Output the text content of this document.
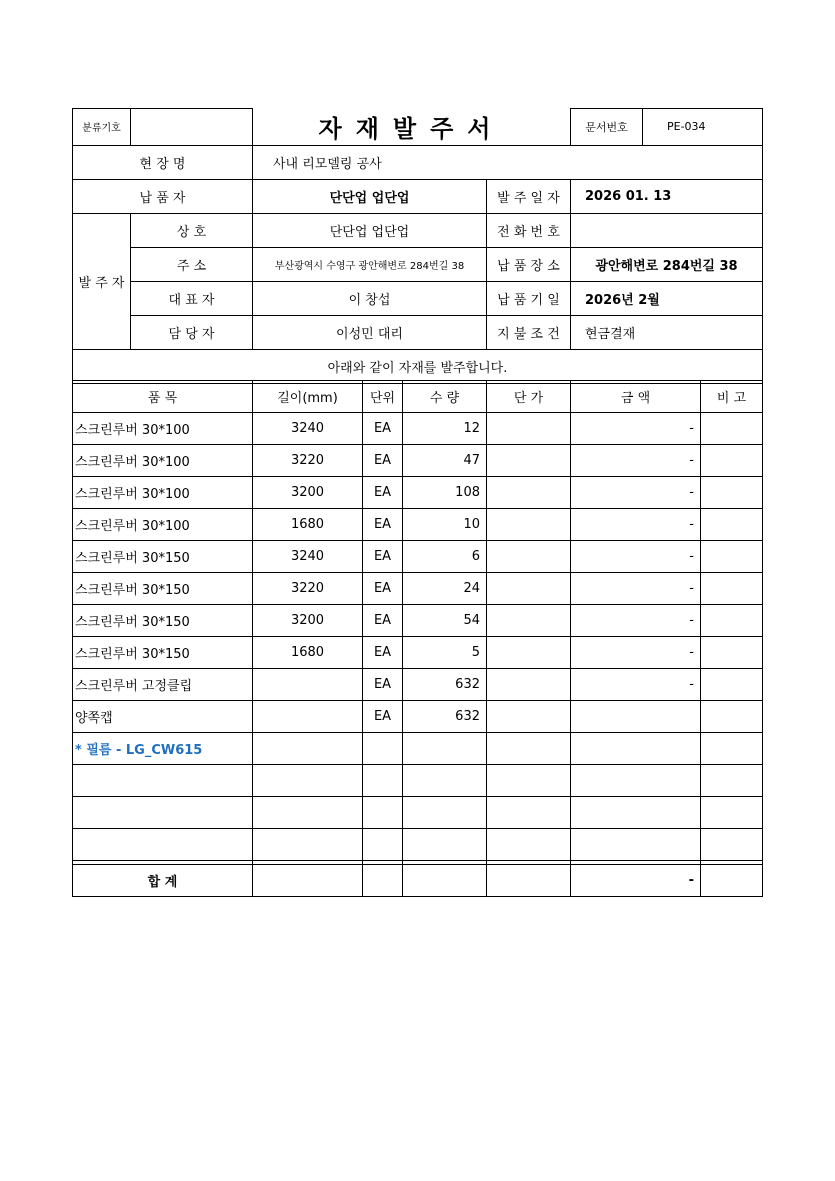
분류기호		자재발주서		문서번호	PE-034
현 장 명		사내 리모델링 공사			
납 품 자		단단업 업단업	발 주 일 자	2026 01. 13	
발 주 자	상 호	단단업 업단업	전 화 번 호		
	주 소	부산광역시 수영구 광안해변로 284번길 38	납 품 장 소	광안해변로 284번길 38	
	대 표 자	이 창섭	납 품 기 일	2026년 2월	
	담 당 자	이성민 대리	지 불 조 건	현금결재	
아래와 같이 자재를 발주합니다.					
품 목	길이(mm)	단위	수 량	단 가	금 액	비 고
스크린루버 30*100	3240	EA	12		-	
스크린루버 30*100	3220	EA	47		-	
스크린루버 30*100	3200	EA	108		-	
스크린루버 30*100	1680	EA	10		-	
스크린루버 30*150	3240	EA	6		-	
스크린루버 30*150	3220	EA	24		-	
스크린루버 30*150	3200	EA	54		-	
스크린루버 30*150	1680	EA	5		-	
스크린루버 고정클립		EA	632		-	
양쪽캡		EA	632			
* 필름 - LG_CW615						

합 계					-	
